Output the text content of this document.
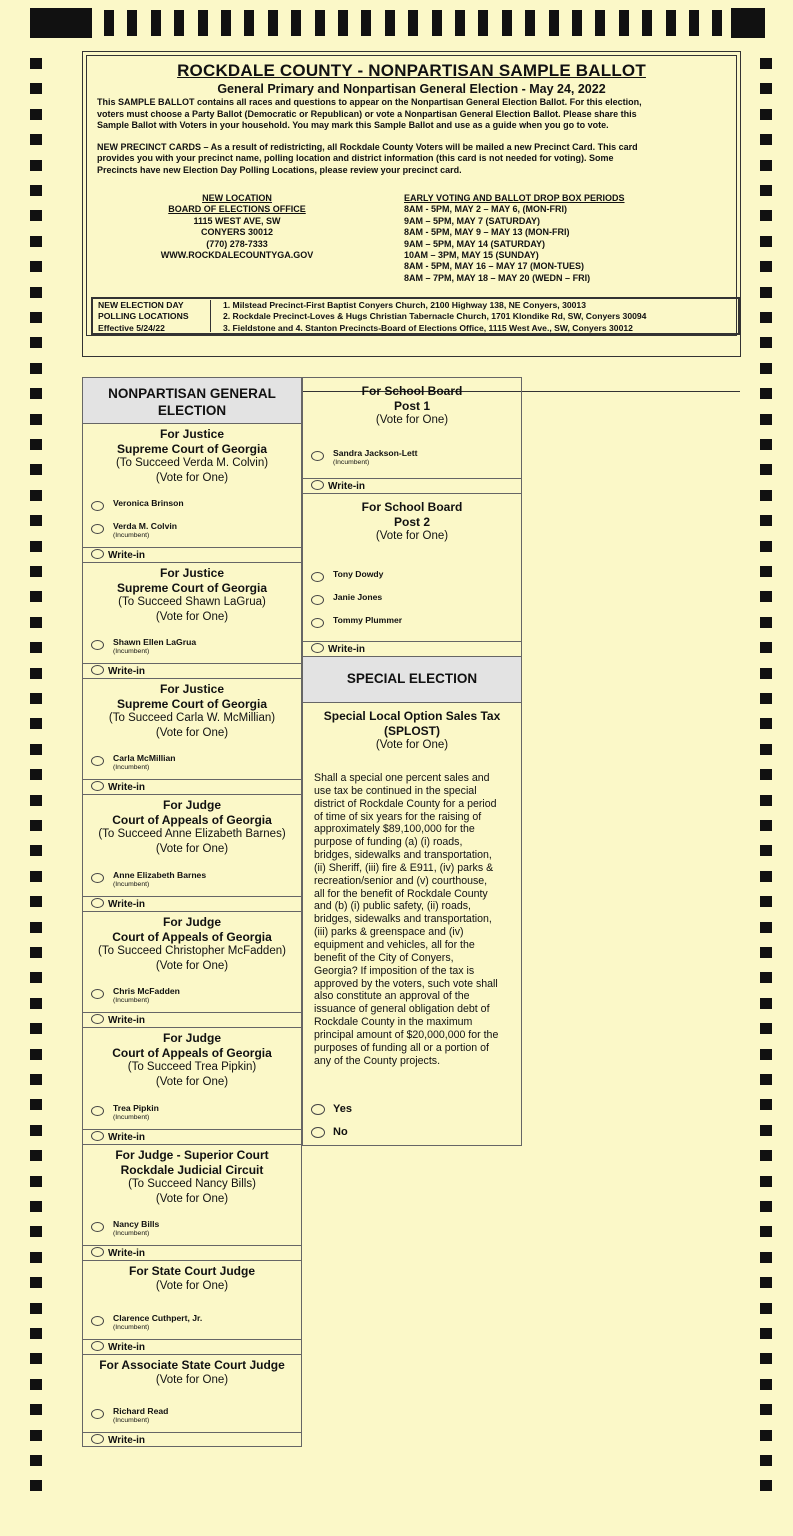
ROCKDALE COUNTY - NONPARTISAN SAMPLE BALLOT
General Primary and Nonpartisan General Election - May 24, 2022
This SAMPLE BALLOT contains all races and questions to appear on the Nonpartisan General Election Ballot. For this election,
voters must choose a Party Ballot (Democratic or Republican) or vote a Nonpartisan General Election Ballot. Please share this
Sample Ballot with Voters in your household. You may mark this Sample Ballot and use as a guide when you go to vote.
NEW PRECINCT CARDS – As a result of redistricting, all Rockdale County Voters will be mailed a new Precinct Card. This card
provides you with your precinct name, polling location and district information (this card is not needed for voting). Some
Precincts have new Election Day Polling Locations, please review your precinct card.
NEW LOCATION
BOARD OF ELECTIONS OFFICE
1115 WEST AVE, SW
CONYERS 30012
(770) 278-7333
WWW.ROCKDALECOUNTYGA.GOV
EARLY VOTING AND BALLOT DROP BOX PERIODS
8AM - 5PM, MAY 2 – MAY 6, (MON-FRI)
9AM – 5PM, MAY 7 (SATURDAY)
8AM - 5PM, MAY 9 – MAY 13 (MON-FRI)
9AM – 5PM, MAY 14 (SATURDAY)
10AM – 3PM, MAY 15 (SUNDAY)
8AM - 5PM, MAY 16 – MAY 17 (MON-TUES)
8AM – 7PM, MAY 18 – MAY 20 (WEDN – FRI)
NEW ELECTION DAY
POLLING LOCATIONS
Effective 5/24/22
1. Milstead Precinct-First Baptist Conyers Church, 2100 Highway 138, NE Conyers, 30013
2. Rockdale Precinct-Loves & Hugs Christian Tabernacle Church, 1701 Klondike Rd, SW, Conyers 30094
3. Fieldstone and 4. Stanton Precincts-Board of Elections Office, 1115 West Ave., SW, Conyers 30012
NONPARTISAN GENERAL
ELECTION
For Justice
Supreme Court of Georgia
(To Succeed Verda M. Colvin)
(Vote for One)
Veronica Brinson
Verda M. Colvin
(Incumbent)
Write-in
For Justice
Supreme Court of Georgia
(To Succeed Shawn LaGrua)
(Vote for One)
Shawn Ellen LaGrua
(Incumbent)
Write-in
For Justice
Supreme Court of Georgia
(To Succeed Carla W. McMillian)
(Vote for One)
Carla McMillian
(Incumbent)
Write-in
For Judge
Court of Appeals of Georgia
(To Succeed Anne Elizabeth Barnes)
(Vote for One)
Anne Elizabeth Barnes
(Incumbent)
Write-in
For Judge
Court of Appeals of Georgia
(To Succeed Christopher McFadden)
(Vote for One)
Chris McFadden
(Incumbent)
Write-in
For Judge
Court of Appeals of Georgia
(To Succeed Trea Pipkin)
(Vote for One)
Trea Pipkin
(Incumbent)
Write-in
For Judge - Superior Court
Rockdale Judicial Circuit
(To Succeed Nancy Bills)
(Vote for One)
Nancy Bills
(Incumbent)
Write-in
For State Court Judge
(Vote for One)
Clarence Cuthpert, Jr.
(Incumbent)
Write-in
For Associate State Court Judge
(Vote for One)
Richard Read
(Incumbent)
Write-in
For School Board
Post 1
(Vote for One)
Sandra Jackson-Lett
(Incumbent)
Write-in
For School Board
Post 2
(Vote for One)
Tony Dowdy
Janie Jones
Tommy Plummer
Write-in
SPECIAL ELECTION
Special Local Option Sales Tax
(SPLOST)
(Vote for One)
Shall a special one percent sales and
use tax be continued in the special
district of Rockdale County for a period
of time of six years for the raising of
approximately $89,100,000 for the
purpose of funding (a) (i) roads,
bridges, sidewalks and transportation,
(ii) Sheriff, (iii) fire & E911, (iv) parks &
recreation/senior and (v) courthouse,
all for the benefit of Rockdale County
and (b) (i) public safety, (ii) roads,
bridges, sidewalks and transportation,
(iii) parks & greenspace and (iv)
equipment and vehicles, all for the
benefit of the City of Conyers,
Georgia? If imposition of the tax is
approved by the voters, such vote shall
also constitute an approval of the
issuance of general obligation debt of
Rockdale County in the maximum
principal amount of $20,000,000 for the
purposes of funding all or a portion of
any of the County projects.
Yes
No
